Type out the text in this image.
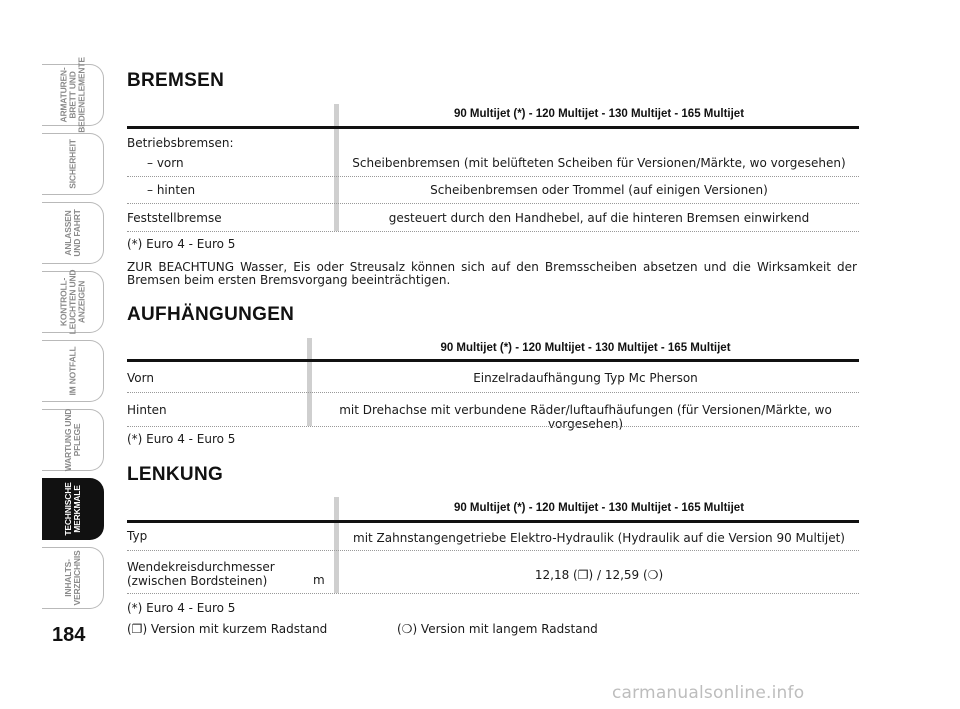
ARMATUREN-
BRETT UND
BEDIENELEMENTE
SICHERHEIT
ANLASSEN
UND FAHRT
KONTROLL-
LEUCHTEN UND
ANZEIGEN
IM NOTFALL
WARTUNG UND
PFLEGE
TECHNISCHE
MERKMALE
INHALTS-
VERZEICHNIS
184
BREMSEN
90 Multijet (*) - 120 Multijet - 130 Multijet - 165 Multijet
Betriebsbremsen:
– vorn	Scheibenbremsen (mit belüfteten Scheiben für Versionen/Märkte, wo vorgesehen)
– hinten	Scheibenbremsen oder Trommel (auf einigen Versionen)
Feststellbremse	gesteuert durch den Handhebel, auf die hinteren Bremsen einwirkend
(*) Euro 4 - Euro 5
ZUR BEACHTUNG Wasser, Eis oder Streusalz können sich auf den Bremsscheiben absetzen und die Wirksamkeit der Bremsen beim ersten Bremsvorgang beeinträchtigen.
AUFHÄNGUNGEN
90 Multijet (*) - 120 Multijet - 130 Multijet - 165 Multijet
Vorn	Einzelradaufhängung Typ Mc Pherson
Hinten	mit Drehachse mit verbundene Räder/luftaufhäufungen (für Versionen/Märkte, wo vorgesehen)
(*) Euro 4 - Euro 5
LENKUNG
90 Multijet (*) - 120 Multijet - 130 Multijet - 165 Multijet
Typ	mit Zahnstangengetriebe Elektro-Hydraulik (Hydraulik auf die Version 90 Multijet)
Wendekreisdurchmesser
(zwischen Bordsteinen)	m	12,18 (❐) / 12,59 (❍)
(*) Euro 4 - Euro 5
(❐) Version mit kurzem Radstand	(❍) Version mit langem Radstand
carmanualsonline.info
